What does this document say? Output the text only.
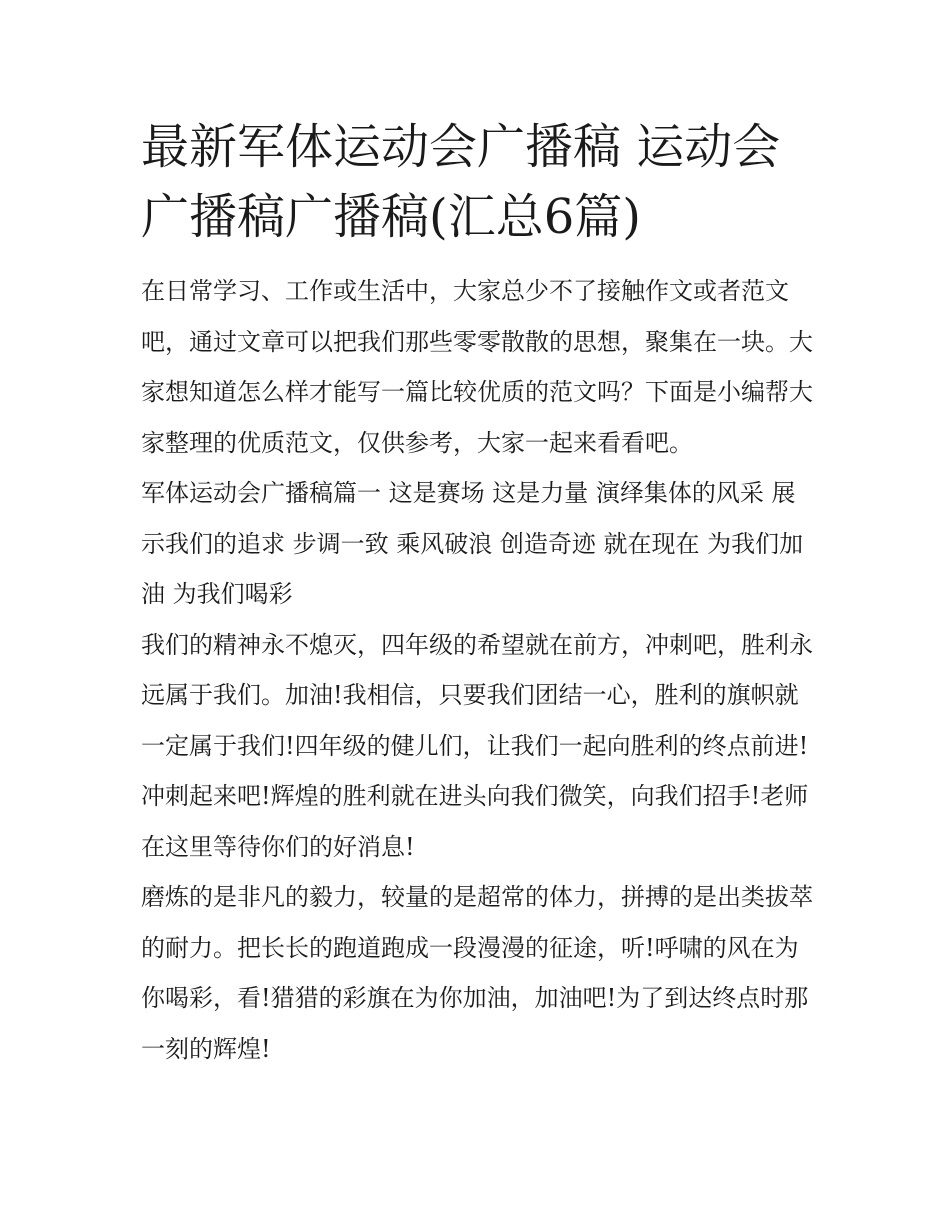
最新军体运动会广播稿 运动会广播稿广播稿(汇总6篇)

在日常学习、工作或生活中，大家总少不了接触作文或者范文吧，通过文章可以把我们那些零零散散的思想，聚集在一块。大家想知道怎么样才能写一篇比较优质的范文吗？下面是小编帮大家整理的优质范文，仅供参考，大家一起来看看吧。

军体运动会广播稿篇一 这是赛场 这是力量 演绎集体的风采 展示我们的追求 步调一致 乘风破浪 创造奇迹 就在现在 为我们加油 为我们喝彩

我们的精神永不熄灭，四年级的希望就在前方，冲刺吧，胜利永远属于我们。加油!我相信，只要我们团结一心，胜利的旗帜就一定属于我们!四年级的健儿们，让我们一起向胜利的终点前进!冲刺起来吧!辉煌的胜利就在进头向我们微笑，向我们招手!老师在这里等待你们的好消息!

磨炼的是非凡的毅力，较量的是超常的体力，拼搏的是出类拔萃的耐力。把长长的跑道跑成一段漫漫的征途，听!呼啸的风在为你喝彩，看!猎猎的彩旗在为你加油，加油吧!为了到达终点时那一刻的辉煌!
